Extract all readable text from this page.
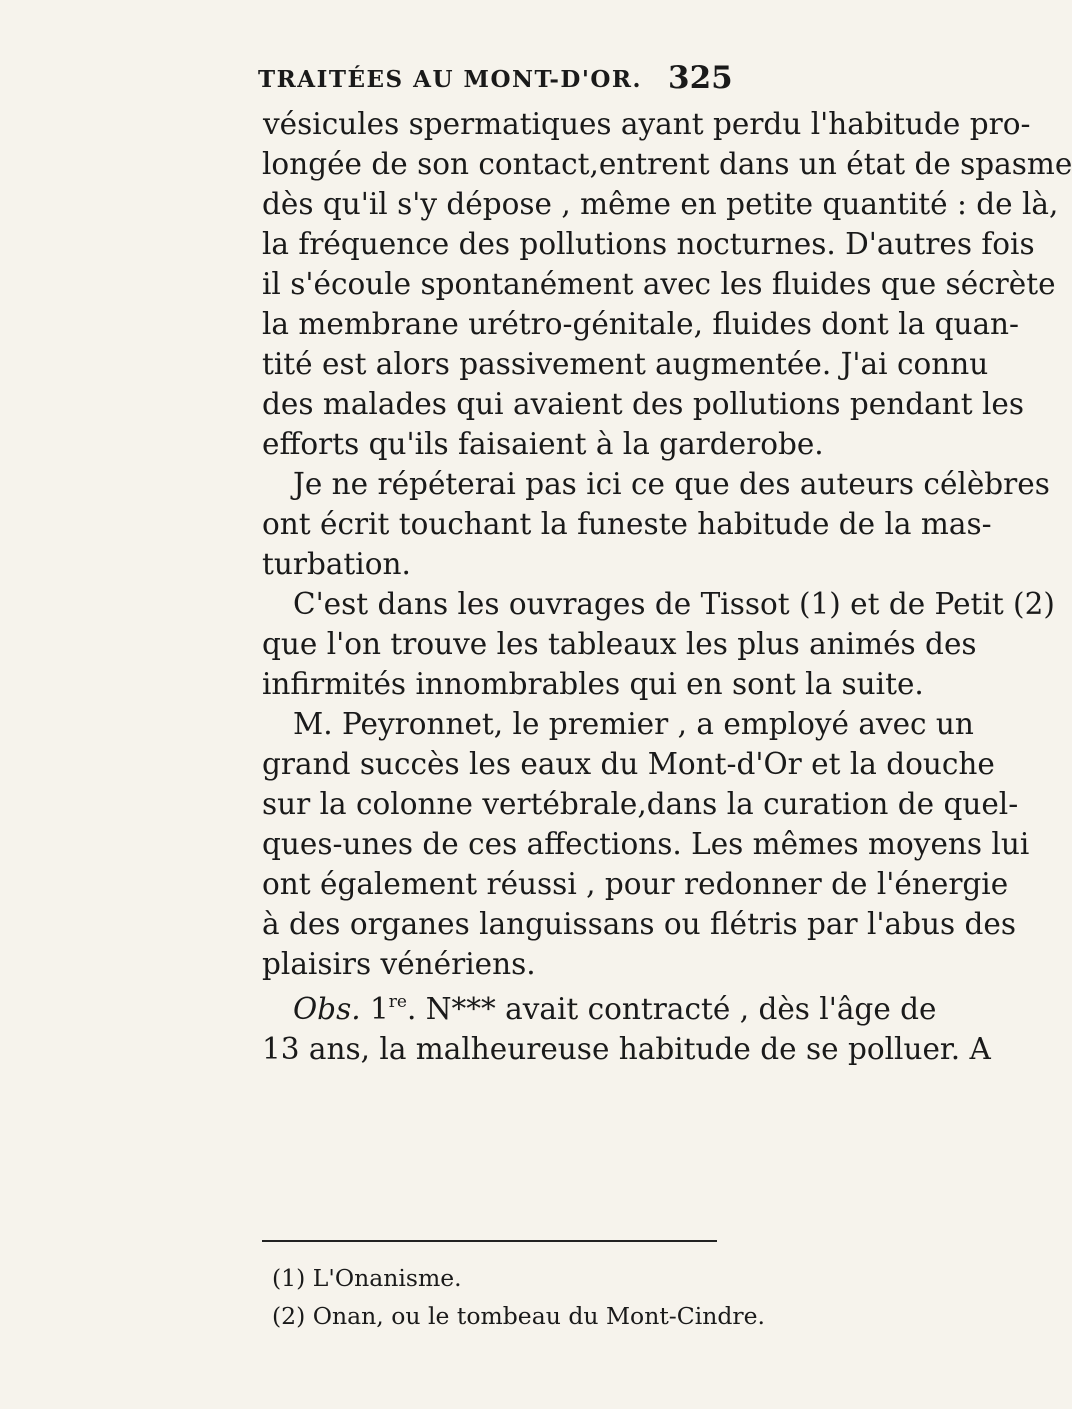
TRAITÉES AU MONT-D'OR. 325
vésicules spermatiques ayant perdu l'habitude pro-
longée de son contact,entrent dans un état de spasme
dès qu'il s'y dépose , même en petite quantité : de là,
la fréquence des pollutions nocturnes. D'autres fois
il s'écoule spontanément avec les fluides que sécrète
la membrane urétro-génitale, fluides dont la quan-
tité est alors passivement augmentée. J'ai connu
des malades qui avaient des pollutions pendant les
efforts qu'ils faisaient à la garderobe.
Je ne répéterai pas ici ce que des auteurs célèbres
ont écrit touchant la funeste habitude de la mas-
turbation.
C'est dans les ouvrages de Tissot (1) et de Petit (2)
que l'on trouve les tableaux les plus animés des
infirmités innombrables qui en sont la suite.
M. Peyronnet, le premier , a employé avec un
grand succès les eaux du Mont-d'Or et la douche
sur la colonne vertébrale,dans la curation de quel-
ques-unes de ces affections. Les mêmes moyens lui
ont également réussi , pour redonner de l'énergie
à des organes languissans ou flétris par l'abus des
plaisirs vénériens.
Obs. 1re. N*** avait contracté , dès l'âge de
13 ans, la malheureuse habitude de se polluer. A
(1) L'Onanisme.
(2) Onan, ou le tombeau du Mont-Cindre.
